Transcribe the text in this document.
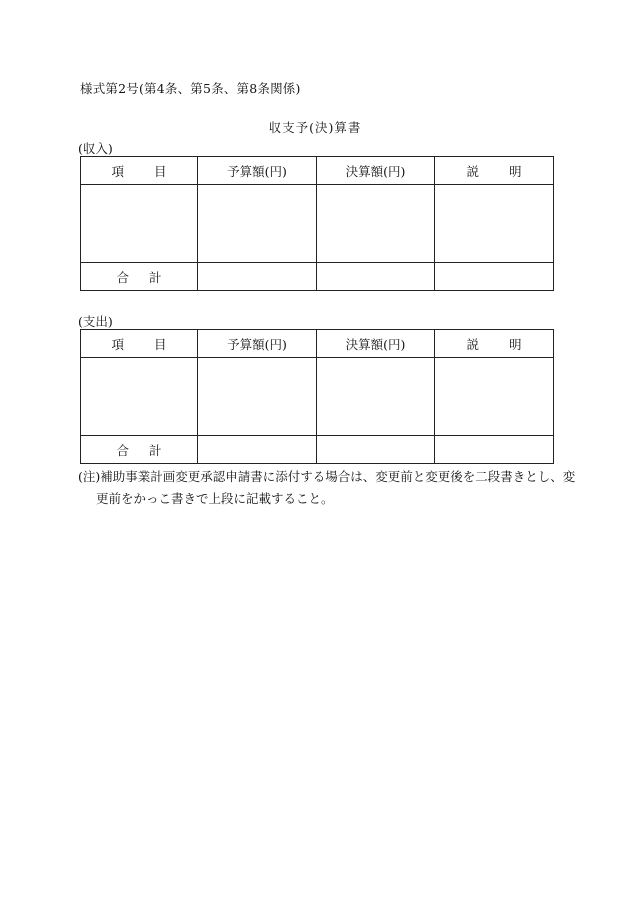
様式第2号(第4条、第5条、第8条関係)
収支予(決)算書
(収入)
項目	予算額(円)	決算額(円)	説明

合計			
(支出)
項目	予算額(円)	決算額(円)	説明

合計			
(注)補助事業計画変更承認申請書に添付する場合は、変更前と変更後を二段書きとし、変
更前をかっこ書きで上段に記載すること。
